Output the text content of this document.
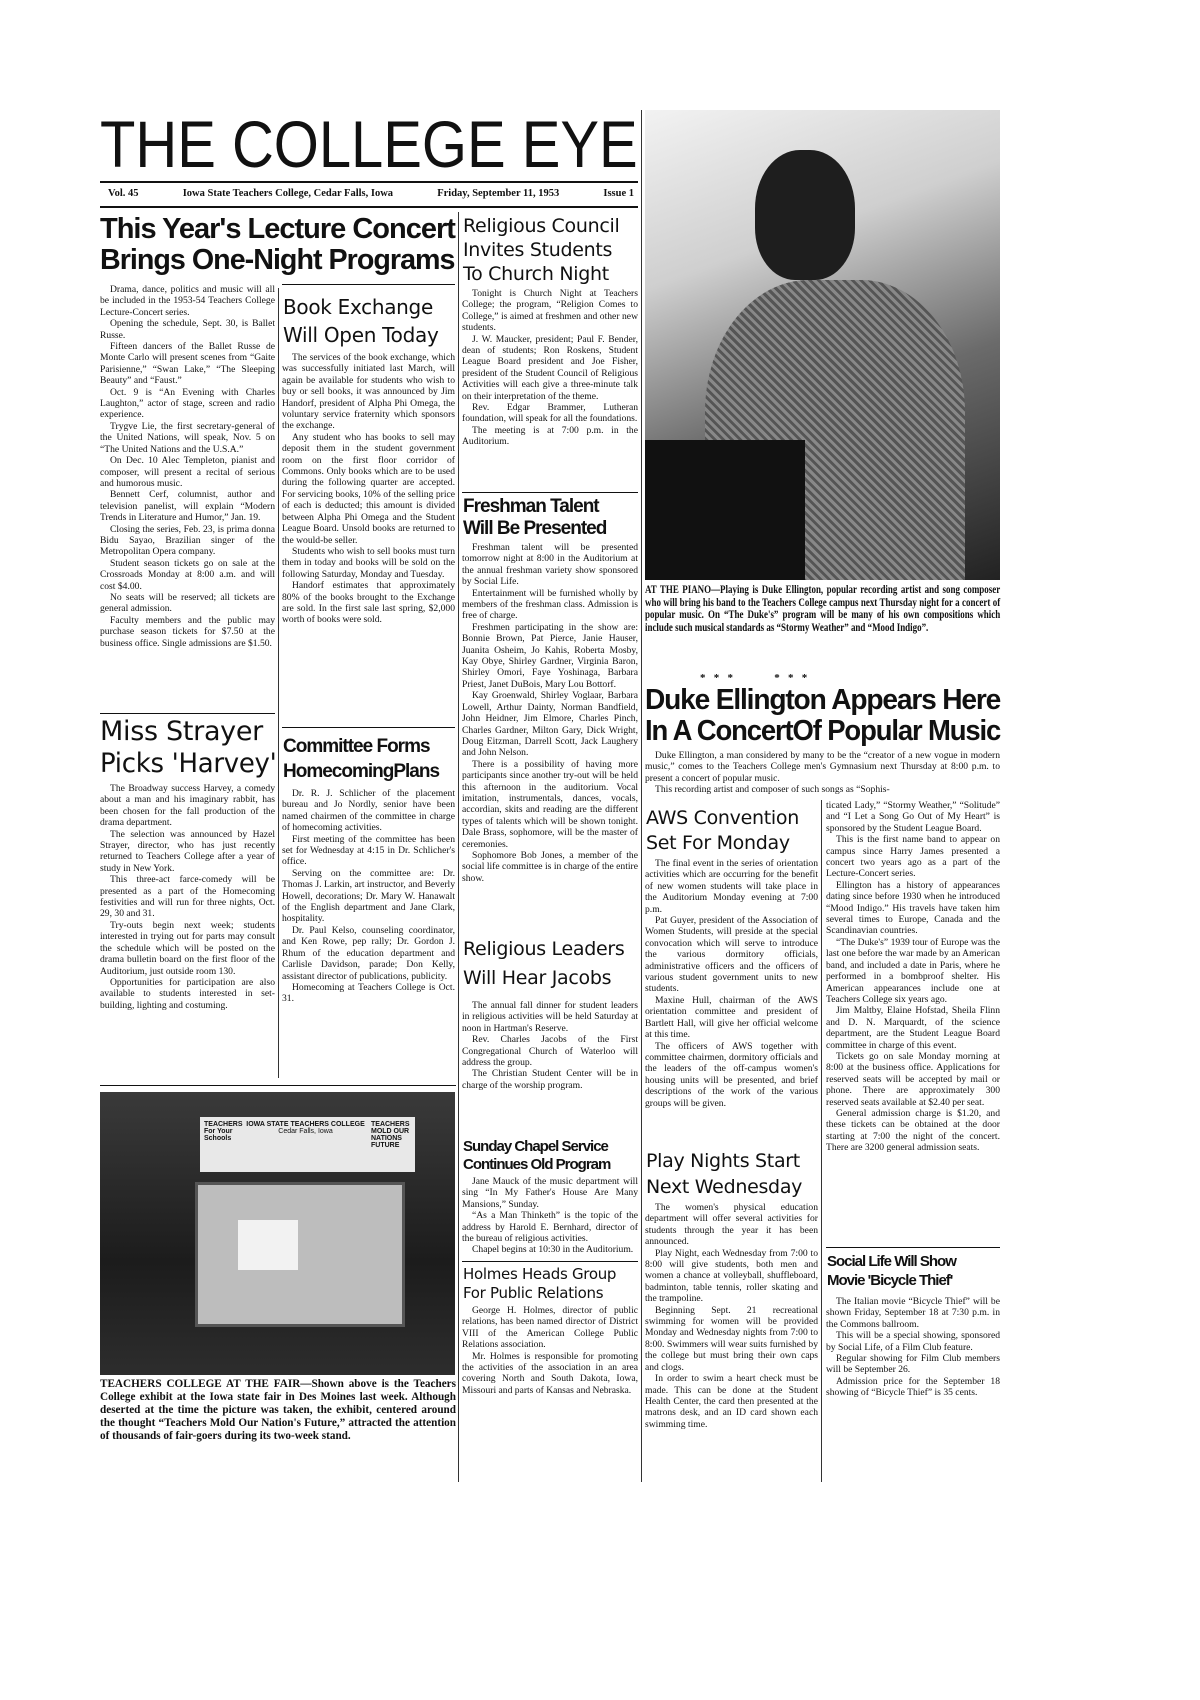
THE COLLEGE EYE
Vol. 45	Iowa State Teachers College, Cedar Falls, Iowa	Friday, September 11, 1953	Issue 1
This Year's Lecture Concert
Brings One-Night Programs

Drama, dance, politics and music will all be included in the 1953-54 Teachers College Lecture-Concert series.

Opening the schedule, Sept. 30, is Ballet Russe.

Fifteen dancers of the Ballet Russe de Monte Carlo will present scenes from “Gaite Parisienne,” “Swan Lake,” “The Sleeping Beauty” and “Faust.”

Oct. 9 is “An Evening with Charles Laughton,” actor of stage, screen and radio experience.

Trygve Lie, the first secretary-general of the United Nations, will speak, Nov. 5 on “The United Nations and the U.S.A.”

On Dec. 10 Alec Templeton, pianist and composer, will present a recital of serious and humorous music.

Bennett Cerf, columnist, author and television panelist, will explain “Modern Trends in Literature and Humor,” Jan. 19.

Closing the series, Feb. 23, is prima donna Bidu Sayao, Brazilian singer of the Metropolitan Opera company.

Student season tickets go on sale at the Crossroads Monday at 8:00 a.m. and will cost $4.00.

No seats will be reserved; all tickets are general admission.

Faculty members and the public may purchase season tickets for $7.50 at the business office. Single admissions are $1.50.

Miss Strayer
Picks 'Harvey'

The Broadway success Harvey, a comedy about a man and his imaginary rabbit, has been chosen for the fall production of the drama department.

The selection was announced by Hazel Strayer, director, who has just recently returned to Teachers College after a year of study in New York.

This three-act farce-comedy will be presented as a part of the Homecoming festivities and will run for three nights, Oct. 29, 30 and 31.

Try-outs begin next week; students interested in trying out for parts may consult the schedule which will be posted on the drama bulletin board on the first floor of the Auditorium, just outside room 130.

Opportunities for participation are also available to students interested in set-building, lighting and costuming.

Book Exchange
Will Open Today

The services of the book exchange, which was successfully initiated last March, will again be available for students who wish to buy or sell books, it was announced by Jim Handorf, president of Alpha Phi Omega, the voluntary service fraternity which sponsors the exchange.

Any student who has books to sell may deposit them in the student government room on the first floor corridor of Commons. Only books which are to be used during the following quarter are accepted. For servicing books, 10% of the selling price of each is deducted; this amount is divided between Alpha Phi Omega and the Student League Board. Unsold books are returned to the would-be seller.

Students who wish to sell books must turn them in today and books will be sold on the following Saturday, Monday and Tuesday.

Handorf estimates that approximately 80% of the books brought to the Exchange are sold. In the first sale last spring, $2,000 worth of books were sold.

Committee Forms
HomecomingPlans

Dr. R. J. Schlicher of the placement bureau and Jo Nordly, senior have been named chairmen of the committee in charge of homecoming activities.

First meeting of the committee has been set for Wednesday at 4:15 in Dr. Schlicher's office.

Serving on the committee are: Dr. Thomas J. Larkin, art instructor, and Beverly Howell, decorations; Dr. Mary W. Hanawalt of the English department and Jane Clark, hospitality.

Dr. Paul Kelso, counseling coordinator, and Ken Rowe, pep rally; Dr. Gordon J. Rhum of the education department and Carlisle Davidson, parade; Don Kelly, assistant director of publications, publicity.

Homecoming at Teachers College is Oct. 31.

TEACHERS For Your Schools
IOWA STATE TEACHERS COLLEGE
Cedar Falls, Iowa
TEACHERS MOLD OUR NATIONS FUTURE
TEACHERS COLLEGE AT THE FAIR—Shown above is the Teachers College exhibit at the Iowa state fair in Des Moines last week. Although deserted at the time the picture was taken, the exhibit, centered around the thought “Teachers Mold Our Nation's Future,” attracted the attention of thousands of fair-goers during its two-week stand.
Religious Council
Invites Students
To Church Night

Tonight is Church Night at Teachers College; the program, “Religion Comes to College,” is aimed at freshmen and other new students.

J. W. Maucker, president; Paul F. Bender, dean of students; Ron Roskens, Student League Board president and Joe Fisher, president of the Student Council of Religious Activities will each give a three-minute talk on their interpretation of the theme.

Rev. Edgar Brammer, Lutheran foundation, will speak for all the foundations.

The meeting is at 7:00 p.m. in the Auditorium.

Freshman Talent
Will Be Presented

Freshman talent will be presented tomorrow night at 8:00 in the Auditorium at the annual freshman variety show sponsored by Social Life.

Entertainment will be furnished wholly by members of the freshman class. Admission is free of charge.

Freshmen participating in the show are: Bonnie Brown, Pat Pierce, Janie Hauser, Juanita Osheim, Jo Kahis, Roberta Mosby, Kay Obye, Shirley Gardner, Virginia Baron, Shirley Omori, Faye Yoshinaga, Barbara Priest, Janet DuBois, Mary Lou Bottorf.

Kay Groenwald, Shirley Voglaar, Barbara Lowell, Arthur Dainty, Norman Bandfield, John Heidner, Jim Elmore, Charles Pinch, Charles Gardner, Milton Gary, Dick Wright, Doug Eitzman, Darrell Scott, Jack Laughery and John Nelson.

There is a possibility of having more participants since another try-out will be held this afternoon in the auditorium. Vocal imitation, instrumentals, dances, vocals, accordian, skits and reading are the different types of talents which will be shown tonight. Dale Brass, sophomore, will be the master of ceremonies.

Sophomore Bob Jones, a member of the social life committee is in charge of the entire show.

Religious Leaders
Will Hear Jacobs

The annual fall dinner for student leaders in religious activities will be held Saturday at noon in Hartman's Reserve.

Rev. Charles Jacobs of the First Congregational Church of Waterloo will address the group.

The Christian Student Center will be in charge of the worship program.

Sunday Chapel Service
Continues Old Program

Jane Mauck of the music department will sing “In My Father's House Are Many Mansions,” Sunday.

“As a Man Thinketh” is the topic of the address by Harold E. Bernhard, director of the bureau of religious activities.

Chapel begins at 10:30 in the Auditorium.

Holmes Heads Group
For Public Relations

George H. Holmes, director of public relations, has been named director of District VIII of the American College Public Relations association.

Mr. Holmes is responsible for promoting the activities of the association in an area covering North and South Dakota, Iowa, Missouri and parts of Kansas and Nebraska.

AT THE PIANO—Playing is Duke Ellington, popular recording artist and song composer who will bring his band to the Teachers College campus next Thursday night for a concert of popular music. On “The Duke's” program will be many of his own compositions which include such musical standards as “Stormy Weather” and “Mood Indigo”.
*   *   *               *   *   *
Duke Ellington Appears Here
In A ConcertOf Popular Music

Duke Ellington, a man considered by many to be the “creator of a new vogue in modern music,” comes to the Teachers College men's Gymnasium next Thursday at 8:00 p.m. to present a concert of popular music.

This recording artist and composer of such songs as “Sophis-

ticated Lady,” “Stormy Weather,” “Solitude” and “I Let a Song Go Out of My Heart” is sponsored by the Student League Board.

This is the first name band to appear on campus since Harry James presented a concert two years ago as a part of the Lecture-Concert series.

Ellington has a history of appearances dating since before 1930 when he introduced “Mood Indigo.” His travels have taken him several times to Europe, Canada and the Scandinavian countries.

“The Duke's” 1939 tour of Europe was the last one before the war made by an American band, and included a date in Paris, where he performed in a bombproof shelter. His American appearances include one at Teachers College six years ago.

Jim Maltby, Elaine Hofstad, Sheila Flinn and D. N. Marquardt, of the science department, are the Student League Board committee in charge of this event.

Tickets go on sale Monday morning at 8:00 at the business office. Applications for reserved seats will be accepted by mail or phone. There are approximately 300 reserved seats available at $2.40 per seat.

General admission charge is $1.20, and these tickets can be obtained at the door starting at 7:00 the night of the concert. There are 3200 general admission seats.

AWS Convention
Set For Monday

The final event in the series of orientation activities which are occurring for the benefit of new women students will take place in the Auditorium Monday evening at 7:00 p.m.

Pat Guyer, president of the Association of Women Students, will preside at the special convocation which will serve to introduce the various dormitory officials, administrative officers and the officers of various student government units to new students.

Maxine Hull, chairman of the AWS orientation committee and president of Bartlett Hall, will give her official welcome at this time.

The officers of AWS together with committee chairmen, dormitory officials and the leaders of the off-campus women's housing units will be presented, and brief descriptions of the work of the various groups will be given.

Play Nights Start
Next Wednesday

The women's physical education department will offer several activities for students through the year it has been announced.

Play Night, each Wednesday from 7:00 to 8:00 will give students, both men and women a chance at volleyball, shuffleboard, badminton, table tennis, roller skating and the trampoline.

Beginning Sept. 21 recreational swimming for women will be provided Monday and Wednesday nights from 7:00 to 8:00. Swimmers will wear suits furnished by the college but must bring their own caps and clogs.

In order to swim a heart check must be made. This can be done at the Student Health Center, the card then presented at the matrons desk, and an ID card shown each swimming time.

Social Life Will Show
Movie 'Bicycle Thief'

The Italian movie “Bicycle Thief” will be shown Friday, September 18 at 7:30 p.m. in the Commons ballroom.

This will be a special showing, sponsored by Social Life, of a Film Club feature.

Regular showing for Film Club members will be September 26.

Admission price for the September 18 showing of “Bicycle Thief” is 35 cents.
